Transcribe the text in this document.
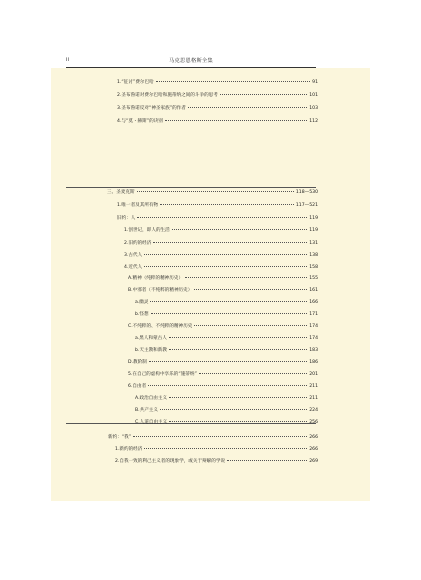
ii	马克思恩格斯全集
1.“征讨”费尔巴哈	91
2.圣布鲁诺对费尔巴哈和施蒂纳之间的斗争的思考	101
3.圣布鲁诺反对“神圣家族”的作者	103
4.与“莫・赫斯”的诀别	112
三、圣麦克斯	118—530
1.唯一者及其所有物	117—521
旧约：人	119
1.创世记，即人的生活	119
2.旧约的经济	131
3.古代人	138
4.近代人	158
A.精神（纯粹的精神历史）	155
B.中邪者（不纯粹的精神历史）	161
a.幽灵	166
b.怪想	171
C.不纯粹的、不纯粹的精神历史	174
a.黑人和蒙古人	174
b.天主教和新教	183
D.教阶制	186
5.在自己的虚构中享乐的“施蒂纳”	201
6.自由者	211
A.政治自由主义	211
B.共产主义	224
C.人道自由主义	256
新约：“我”	266
1.新约的经济	266
2.自我一致的利己主义者的现象学，或关于辩解的学说	269
